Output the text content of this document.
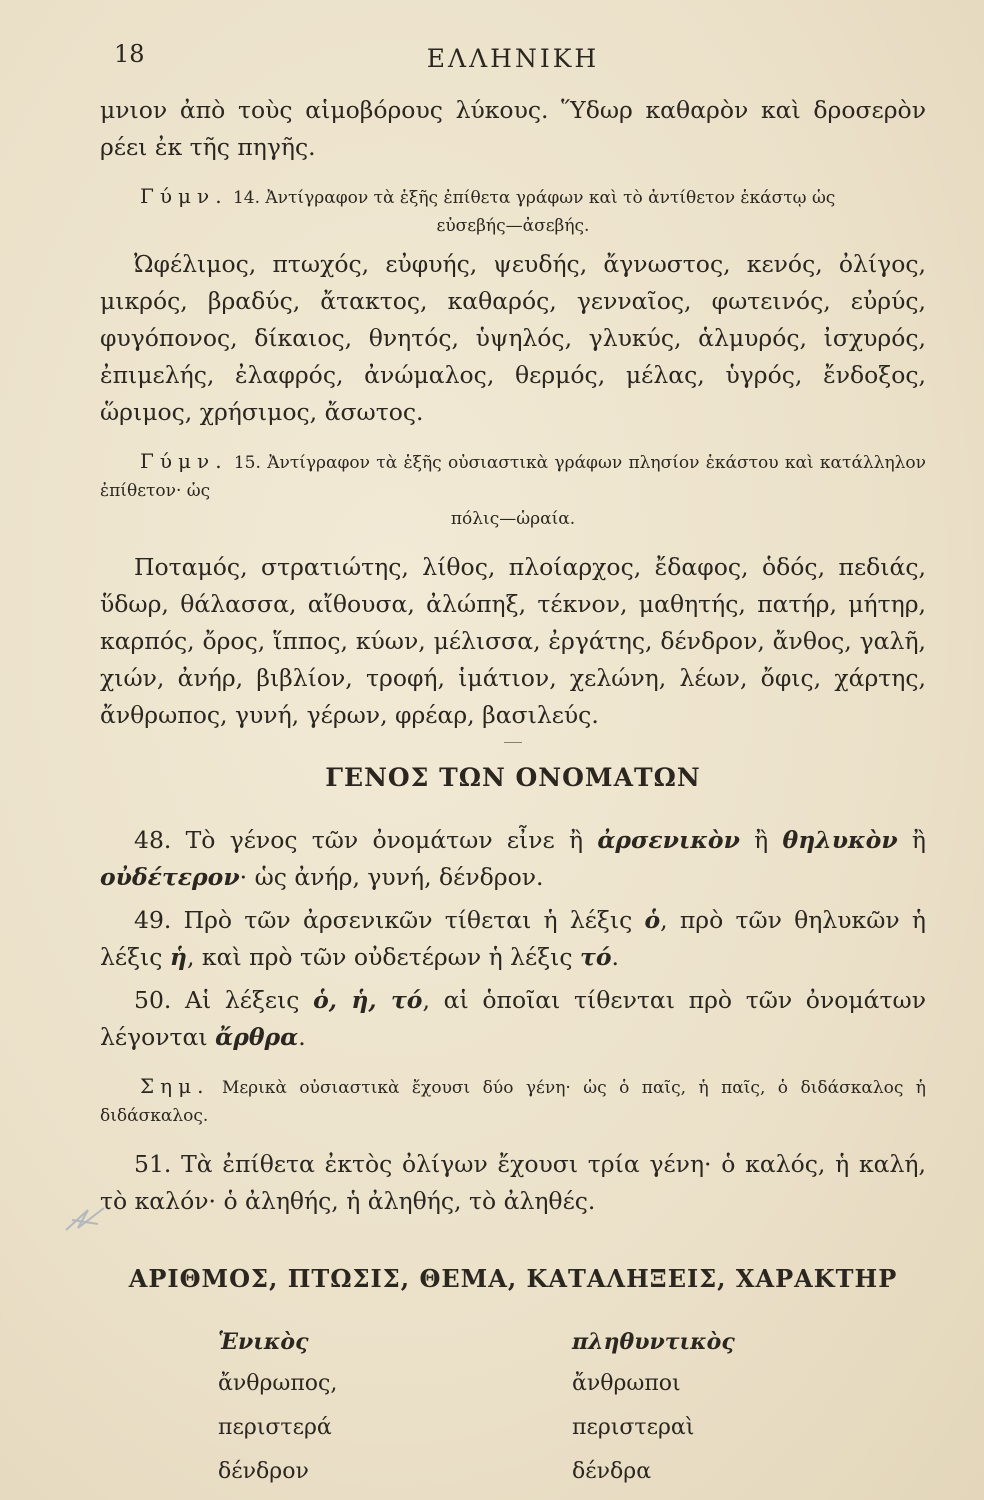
18	ΕΛΛΗΝΙΚΗ

μνιον ἀπὸ τοὺς αἱμοβόρους λύκους. Ὕδωρ καθαρὸν καὶ δροσερὸν ρέει ἐκ τῆς πηγῆς.

Γύμν. 14. Ἀντίγραφον τὰ ἑξῆς ἐπίθετα γράφων καὶ τὸ ἀντίθετον ἑκάστῳ ὡς

εὐσεβής—ἀσεβής.

Ὠφέλιμος, πτωχός, εὐφυής, ψευδής, ἄγνωστος, κενός, ὀλίγος, μικρός, βραδύς, ἄτακτος, καθαρός, γενναῖος, φωτεινός, εὐρύς, φυγόπονος, δίκαιος, θνητός, ὑψηλός, γλυκύς, ἁλμυρός, ἰσχυρός, ἐπιμελής, ἐλαφρός, ἀνώμαλος, θερμός, μέλας, ὑγρός, ἔνδοξος, ὥριμος, χρήσιμος, ἄσωτος.

Γύμν. 15. Ἀντίγραφον τὰ ἑξῆς οὐσιαστικὰ γράφων πλησίον ἑκάστου καὶ κατάλληλον ἐπίθετον· ὡς

πόλις—ὡραία.

Ποταμός, στρατιώτης, λίθος, πλοίαρχος, ἔδαφος, ὁδός, πεδιάς, ὕδωρ, θάλασσα, αἴθουσα, ἀλώπηξ, τέκνον, μαθητής, πατήρ, μήτηρ, καρπός, ὄρος, ἵππος, κύων, μέλισσα, ἐργάτης, δένδρον, ἄνθος, γαλῆ, χιών, ἀνήρ, βιβλίον, τροφή, ἱμάτιον, χελώνη, λέων, ὄφις, χάρτης, ἄνθρωπος, γυνή, γέρων, φρέαρ, βασιλεύς.

ΓΕΝΟΣ ΤΩΝ ΟΝΟΜΑΤΩΝ

48. Τὸ γένος τῶν ὀνομάτων εἶνε ἢ ἀρσενικὸν ἢ θηλυκὸν ἢ οὐδέτερον· ὡς ἀνήρ, γυνή, δένδρον.

49. Πρὸ τῶν ἀρσενικῶν τίθεται ἡ λέξις ὁ, πρὸ τῶν θηλυκῶν ἡ λέξις ἡ, καὶ πρὸ τῶν οὐδετέρων ἡ λέξις τό.

50. Αἱ λέξεις ὁ, ἡ, τό, αἱ ὁποῖαι τίθενται πρὸ τῶν ὀνομάτων λέγονται ἄρθρα.

Σημ. Μερικὰ οὐσιαστικὰ ἔχουσι δύο γένη· ὡς ὁ παῖς, ἡ παῖς, ὁ διδάσκαλος ἡ διδάσκαλος.

51. Τὰ ἐπίθετα ἐκτὸς ὀλίγων ἔχουσι τρία γένη· ὁ καλός, ἡ καλή, τὸ καλόν· ὁ ἀληθής, ἡ ἀληθής, τὸ ἀληθές.

ΑΡΙΘΜΟΣ, ΠΤΩΣΙΣ, ΘΕΜΑ, ΚΑΤΑΛΗΞΕΙΣ, ΧΑΡΑΚΤΗΡ
Ἑνικὸς
ἄνθρωπος,
περιστερά
δένδρον
πληθυντικὸς
ἄνθρωποι
περιστεραὶ
δένδρα
